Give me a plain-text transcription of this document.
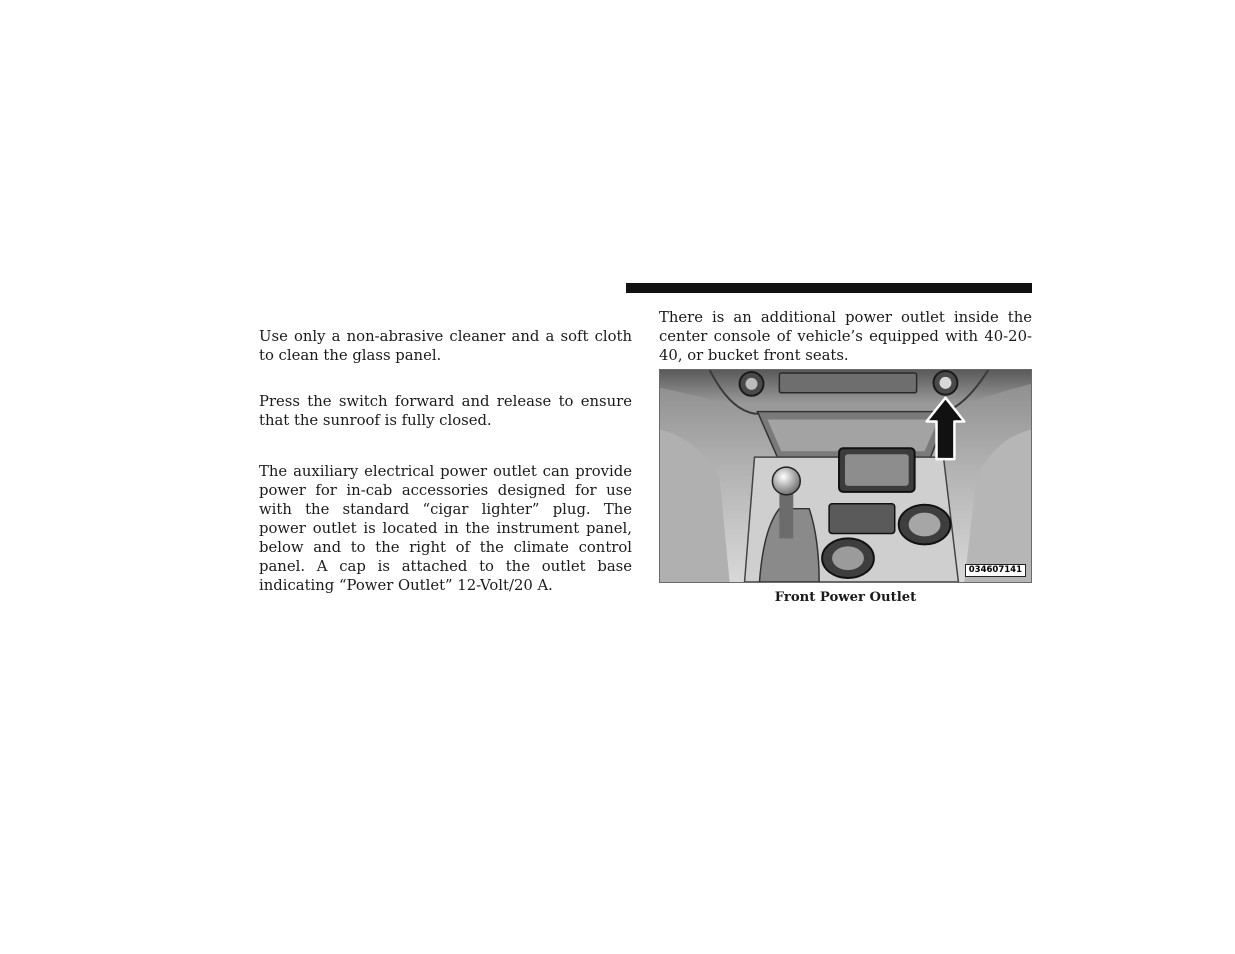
Use only a non-abrasive cleaner and a soft cloth to clean the glass panel.

Press the switch forward and release to ensure that the sunroof is fully closed.

The auxiliary electrical power outlet can provide power for in-cab accessories designed for use with the standard “cigar lighter” plug. The power outlet is located in the instrument panel, below and to the right of the climate control panel. A cap is attached to the outlet base indicating “Power Outlet” 12-Volt/20 A.

There is an additional power outlet inside the center console of vehicle’s equipped with 40-20-40, or bucket front seats.

034607141
Front Power Outlet
